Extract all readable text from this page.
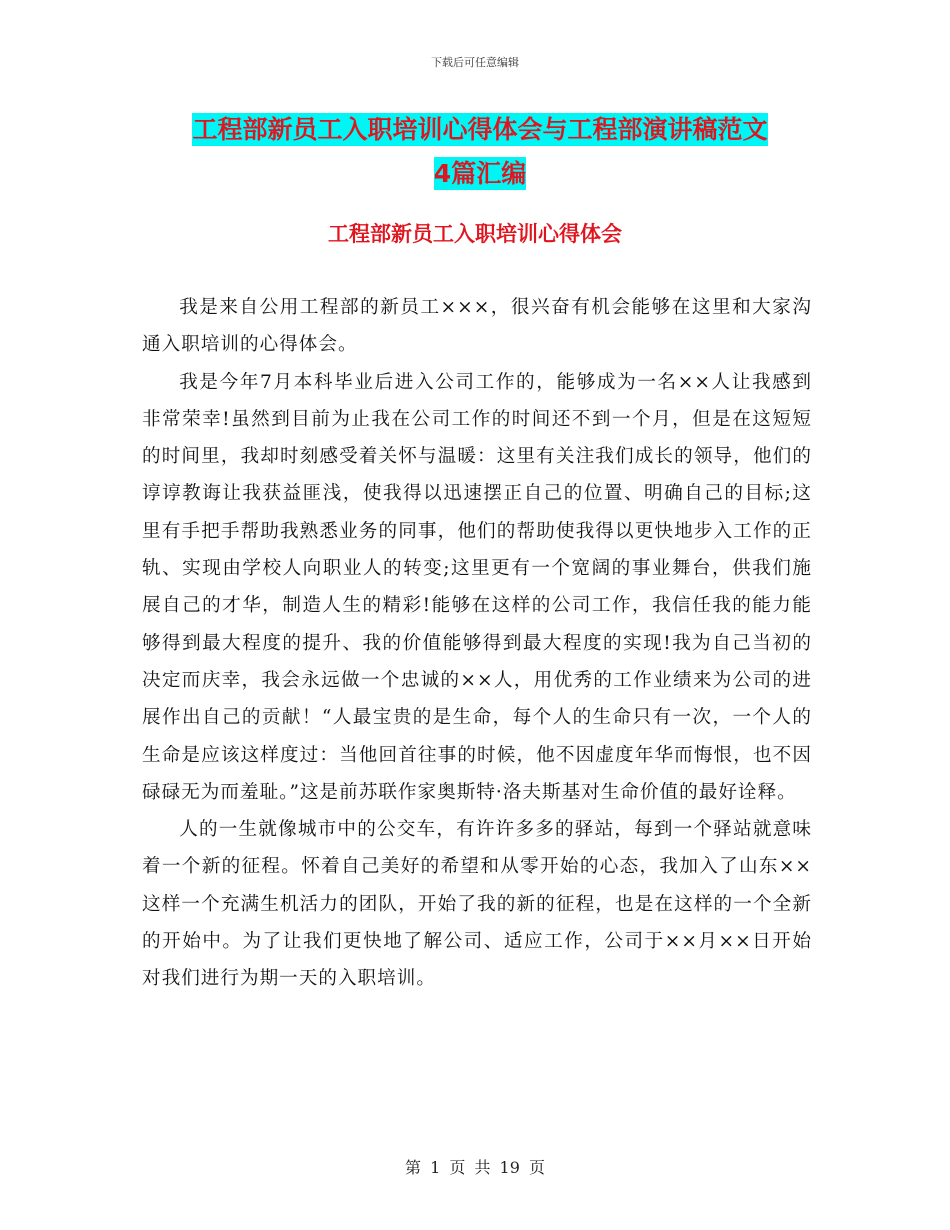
下载后可任意编辑
工程部新员工入职培训心得体会与工程部演讲稿范文
4篇汇编
工程部新员工入职培训心得体会

我是来自公用工程部的新员工×××，很兴奋有机会能够在这里和大家沟通入职培训的心得体会。

我是今年7月本科毕业后进入公司工作的，能够成为一名××人让我感到非常荣幸!虽然到目前为止我在公司工作的时间还不到一个月，但是在这短短的时间里，我却时刻感受着关怀与温暖：这里有关注我们成长的领导，他们的谆谆教诲让我获益匪浅，使我得以迅速摆正自己的位置、明确自己的目标;这里有手把手帮助我熟悉业务的同事，他们的帮助使我得以更快地步入工作的正轨、实现由学校人向职业人的转变;这里更有一个宽阔的事业舞台，供我们施展自己的才华，制造人生的精彩!能够在这样的公司工作，我信任我的能力能够得到最大程度的提升、我的价值能够得到最大程度的实现!我为自己当初的决定而庆幸，我会永远做一个忠诚的××人，用优秀的工作业绩来为公司的进展作出自己的贡献！“人最宝贵的是生命，每个人的生命只有一次，一个人的生命是应该这样度过：当他回首往事的时候，他不因虚度年华而悔恨，也不因碌碌无为而羞耻。”这是前苏联作家奥斯特·洛夫斯基对生命价值的最好诠释。

人的一生就像城市中的公交车，有许许多多的驿站，每到一个驿站就意味着一个新的征程。怀着自己美好的希望和从零开始的心态，我加入了山东××这样一个充满生机活力的团队，开始了我的新的征程，也是在这样的一个全新的开始中。为了让我们更快地了解公司、适应工作，公司于××月××日开始对我们进行为期一天的入职培训。

第 1 页 共 19 页
